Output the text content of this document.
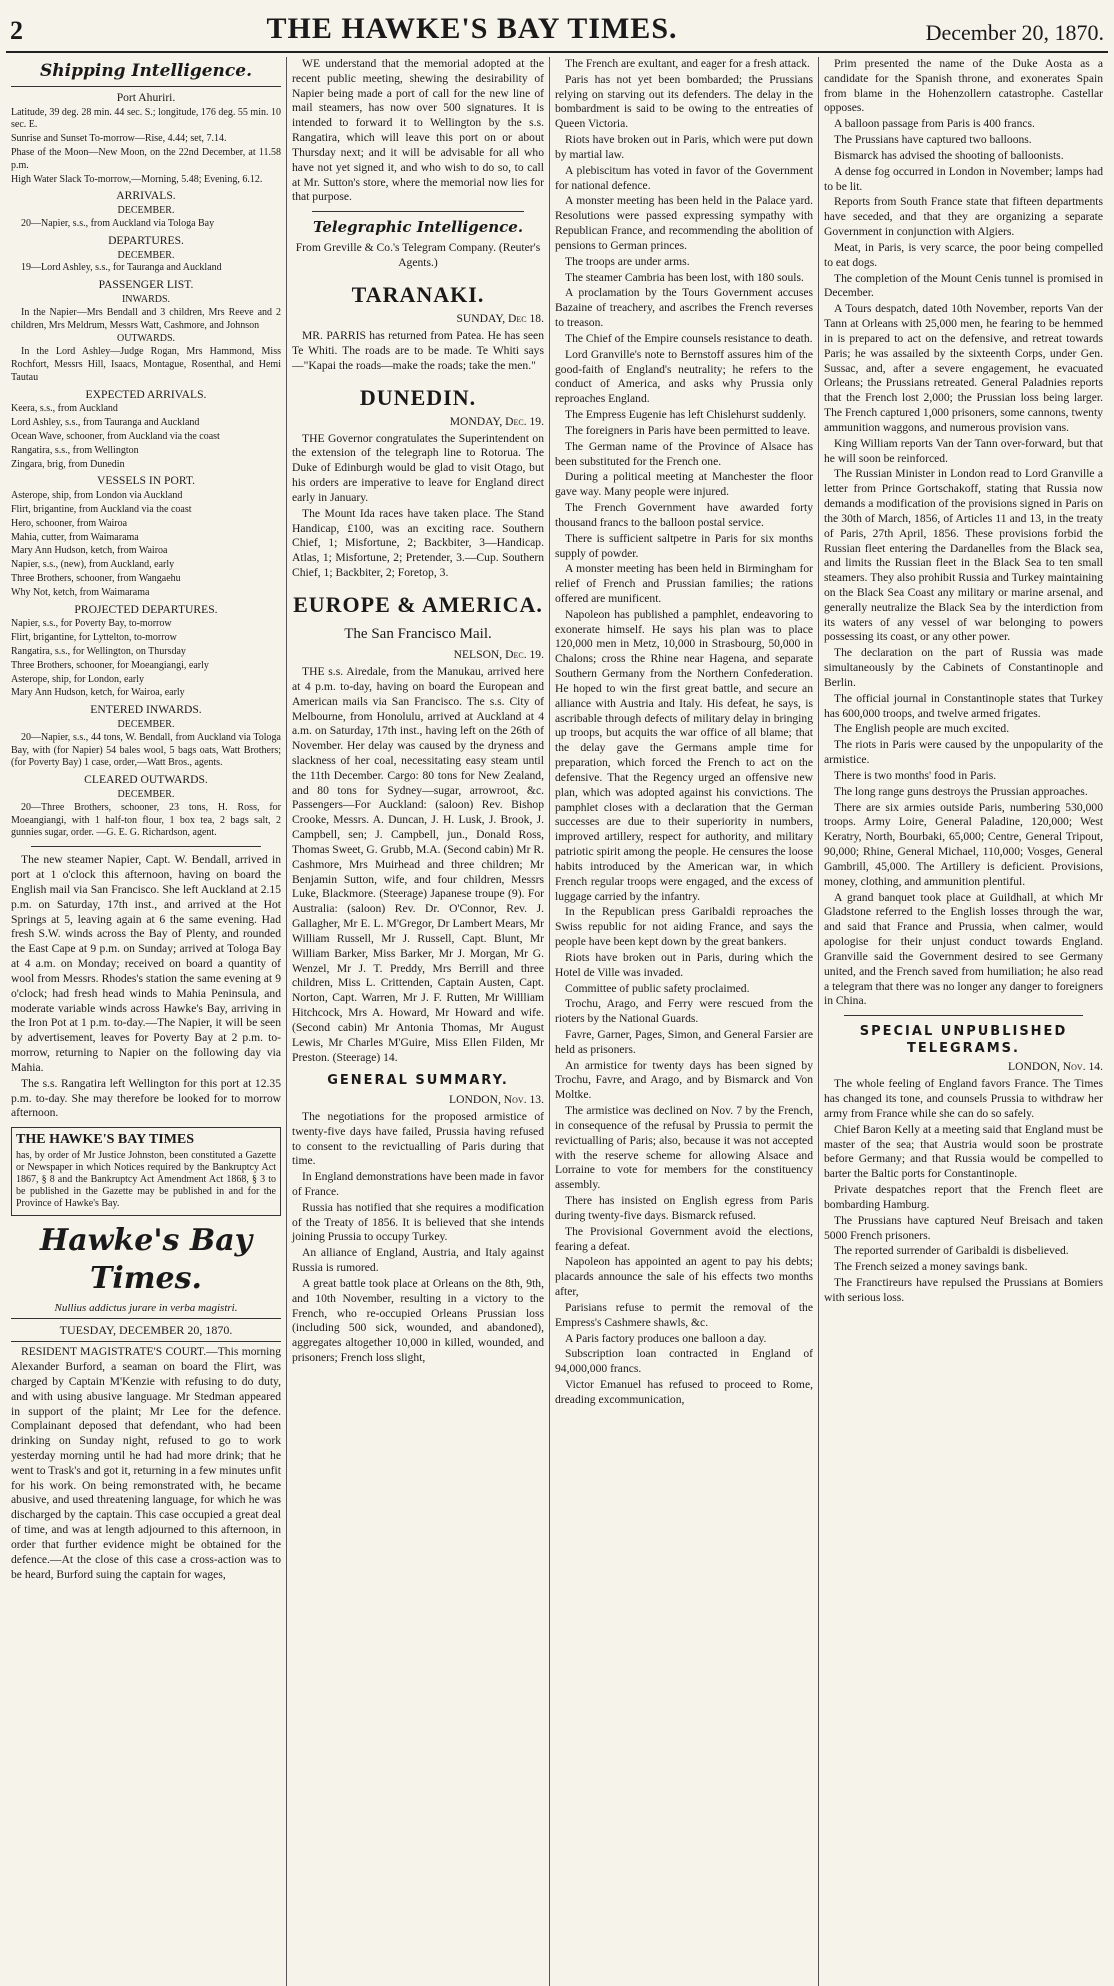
2	THE HAWKE'S BAY TIMES.	December 20, 1870.
Shipping Intelligence.
Port Ahuriri.

Latitude, 39 deg. 28 min. 44 sec. S.; longitude, 176 deg. 55 min. 10 sec. E.

Sunrise and Sunset To-morrow—Rise, 4.44; set, 7.14.

Phase of the Moon—New Moon, on the 22nd December, at 11.58 p.m.

High Water Slack To-morrow,—Morning, 5.48; Evening, 6.12.

ARRIVALS.
DECEMBER.

20—Napier, s.s., from Auckland via Tologa Bay

DEPARTURES.
DECEMBER.

19—Lord Ashley, s.s., for Tauranga and Auckland

PASSENGER LIST.
INWARDS.

In the Napier—Mrs Bendall and 3 children, Mrs Reeve and 2 children, Mrs Meldrum, Messrs Watt, Cashmore, and Johnson

OUTWARDS.

In the Lord Ashley—Judge Rogan, Mrs Hammond, Miss Rochfort, Messrs Hill, Isaacs, Montague, Rosenthal, and Hemi Tautau

EXPECTED ARRIVALS.

Keera, s.s., from Auckland

Lord Ashley, s.s., from Tauranga and Auckland

Ocean Wave, schooner, from Auckland via the coast

Rangatira, s.s., from Wellington

Zingara, brig, from Dunedin

VESSELS IN PORT.

Asterope, ship, from London via Auckland

Flirt, brigantine, from Auckland via the coast

Hero, schooner, from Wairoa

Mahia, cutter, from Waimarama

Mary Ann Hudson, ketch, from Wairoa

Napier, s.s., (new), from Auckland, early

Three Brothers, schooner, from Wangaehu

Why Not, ketch, from Waimarama

PROJECTED DEPARTURES.

Napier, s.s., for Poverty Bay, to-morrow

Flirt, brigantine, for Lyttelton, to-morrow

Rangatira, s.s., for Wellington, on Thursday

Three Brothers, schooner, for Moeangiangi, early

Asterope, ship, for London, early

Mary Ann Hudson, ketch, for Wairoa, early

ENTERED INWARDS.
DECEMBER.

20—Napier, s.s., 44 tons, W. Bendall, from Auckland via Tologa Bay, with (for Napier) 54 bales wool, 5 bags oats, Watt Brothers; (for Poverty Bay) 1 case, order,—Watt Bros., agents.

CLEARED OUTWARDS.
DECEMBER.

20—Three Brothers, schooner, 23 tons, H. Ross, for Moeangiangi, with 1 half-ton flour, 1 box tea, 2 bags salt, 2 gunnies sugar, order. —G. E. G. Richardson, agent.

The new steamer Napier, Capt. W. Bendall, arrived in port at 1 o'clock this afternoon, having on board the English mail via San Francisco. She left Auckland at 2.15 p.m. on Saturday, 17th inst., and arrived at the Hot Springs at 5, leaving again at 6 the same evening. Had fresh S.W. winds across the Bay of Plenty, and rounded the East Cape at 9 p.m. on Sunday; arrived at Tologa Bay at 4 a.m. on Monday; received on board a quantity of wool from Messrs. Rhodes's station the same evening at 9 o'clock; had fresh head winds to Mahia Peninsula, and moderate variable winds across Hawke's Bay, arriving in the Iron Pot at 1 p.m. to-day.—The Napier, it will be seen by advertisement, leaves for Poverty Bay at 2 p.m. to-morrow, returning to Napier on the following day via Mahia.

The s.s. Rangatira left Wellington for this port at 12.35 p.m. to-day. She may therefore be looked for to morrow afternoon.

THE HAWKE'S BAY TIMES

has, by order of Mr Justice Johnston, been constituted a Gazette or Newspaper in which Notices required by the Bankruptcy Act 1867, § 8 and the Bankruptcy Act Amendment Act 1868, § 3 to be published in the Gazette may be published in and for the Province of Hawke's Bay.

Hawke's Bay Times.

Nullius addictus jurare in verba magistri.

TUESDAY, DECEMBER 20, 1870.

RESIDENT MAGISTRATE'S COURT.—This morning Alexander Burford, a seaman on board the Flirt, was charged by Captain M'Kenzie with refusing to do duty, and with using abusive language. Mr Stedman appeared in support of the plaint; Mr Lee for the defence. Complainant deposed that defendant, who had been drinking on Sunday night, refused to go to work yesterday morning until he had had more drink; that he went to Trask's and got it, returning in a few minutes unfit for his work. On being remonstrated with, he became abusive, and used threatening language, for which he was discharged by the captain. This case occupied a great deal of time, and was at length adjourned to this afternoon, in order that further evidence might be obtained for the defence.—At the close of this case a cross-action was to be heard, Burford suing the captain for wages,

WE understand that the memorial adopted at the recent public meeting, shewing the desirability of Napier being made a port of call for the new line of mail steamers, has now over 500 signatures. It is intended to forward it to Wellington by the s.s. Rangatira, which will leave this port on or about Thursday next; and it will be advisable for all who have not yet signed it, and who wish to do so, to call at Mr. Sutton's store, where the memorial now lies for that purpose.

Telegraphic Intelligence.

From Greville & Co.'s Telegram Company. (Reuter's Agents.)

TARANAKI.

SUNDAY, Dec 18.

MR. PARRIS has returned from Patea. He has seen Te Whiti. The roads are to be made. Te Whiti says—"Kapai the roads—make the roads; take the men."

DUNEDIN.

MONDAY, Dec. 19.

THE Governor congratulates the Superintendent on the extension of the telegraph line to Rotorua. The Duke of Edinburgh would be glad to visit Otago, but his orders are imperative to leave for England direct early in January.

The Mount Ida races have taken place. The Stand Handicap, £100, was an exciting race. Southern Chief, 1; Misfortune, 2; Backbiter, 3—Handicap. Atlas, 1; Misfortune, 2; Pretender, 3.—Cup. Southern Chief, 1; Backbiter, 2; Foretop, 3.

EUROPE & AMERICA.
The San Francisco Mail.

NELSON, Dec. 19.

THE s.s. Airedale, from the Manukau, arrived here at 4 p.m. to-day, having on board the European and American mails via San Francisco. The s.s. City of Melbourne, from Honolulu, arrived at Auckland at 4 a.m. on Saturday, 17th inst., having left on the 26th of November. Her delay was caused by the dryness and slackness of her coal, necessitating easy steam until the 11th December. Cargo: 80 tons for New Zealand, and 80 tons for Sydney—sugar, arrowroot, &c. Passengers—For Auckland: (saloon) Rev. Bishop Crooke, Messrs. A. Duncan, J. H. Lusk, J. Brook, J. Campbell, sen; J. Campbell, jun., Donald Ross, Thomas Sweet, G. Grubb, M.A. (Second cabin) Mr R. Cashmore, Mrs Muirhead and three children; Mr Benjamin Sutton, wife, and four children, Messrs Luke, Blackmore. (Steerage) Japanese troupe (9). For Australia: (saloon) Rev. Dr. O'Connor, Rev. J. Gallagher, Mr E. L. M'Gregor, Dr Lambert Mears, Mr William Russell, Mr J. Russell, Capt. Blunt, Mr William Barker, Miss Barker, Mr J. Morgan, Mr G. Wenzel, Mr J. T. Preddy, Mrs Berrill and three children, Miss L. Crittenden, Captain Austen, Capt. Norton, Capt. Warren, Mr J. F. Rutten, Mr Willliam Hitchcock, Mrs A. Howard, Mr Howard and wife. (Second cabin) Mr Antonia Thomas, Mr August Lewis, Mr Charles M'Guire, Miss Ellen Filden, Mr Preston. (Steerage) 14.

GENERAL SUMMARY.

LONDON, Nov. 13.

The negotiations for the proposed armistice of twenty-five days have failed, Prussia having refused to consent to the revictualling of Paris during that time.

In England demonstrations have been made in favor of France.

Russia has notified that she requires a modification of the Treaty of 1856. It is believed that she intends joining Prussia to occupy Turkey.

An alliance of England, Austria, and Italy against Russia is rumored.

A great battle took place at Orleans on the 8th, 9th, and 10th November, resulting in a victory to the French, who re-occupied Orleans Prussian loss (including 500 sick, wounded, and abandoned), aggregates altogether 10,000 in killed, wounded, and prisoners; French loss slight,

The French are exultant, and eager for a fresh attack.

Paris has not yet been bombarded; the Prussians relying on starving out its defenders. The delay in the bombardment is said to be owing to the entreaties of Queen Victoria.

Riots have broken out in Paris, which were put down by martial law.

A plebiscitum has voted in favor of the Government for national defence.

A monster meeting has been held in the Palace yard. Resolutions were passed expressing sympathy with Republican France, and recommending the abolition of pensions to German princes.

The troops are under arms.

The steamer Cambria has been lost, with 180 souls.

A proclamation by the Tours Government accuses Bazaine of treachery, and ascribes the French reverses to treason.

The Chief of the Empire counsels resistance to death.

Lord Granville's note to Bernstoff assures him of the good-faith of England's neutrality; he refers to the conduct of America, and asks why Prussia only reproaches England.

The Empress Eugenie has left Chislehurst suddenly.

The foreigners in Paris have been permitted to leave.

The German name of the Province of Alsace has been substituted for the French one.

During a political meeting at Manchester the floor gave way. Many people were injured.

The French Government have awarded forty thousand francs to the balloon postal service.

There is sufficient saltpetre in Paris for six months supply of powder.

A monster meeting has been held in Birmingham for relief of French and Prussian families; the rations offered are munificent.

Napoleon has published a pamphlet, endeavoring to exonerate himself. He says his plan was to place 120,000 men in Metz, 10,000 in Strasbourg, 50,000 in Chalons; cross the Rhine near Hagena, and separate Southern Germany from the Northern Confederation. He hoped to win the first great battle, and secure an alliance with Austria and Italy. His defeat, he says, is ascribable through defects of military delay in bringing up troops, but acquits the war office of all blame; that the delay gave the Germans ample time for preparation, which forced the French to act on the defensive. That the Regency urged an offensive new plan, which was adopted against his convictions. The pamphlet closes with a declaration that the German successes are due to their superiority in numbers, improved artillery, respect for authority, and military patriotic spirit among the people. He censures the loose habits introduced by the American war, in which French regular troops were engaged, and the excess of luggage carried by the infantry.

In the Republican press Garibaldi reproaches the Swiss republic for not aiding France, and says the people have been kept down by the great bankers.

Riots have broken out in Paris, during which the Hotel de Ville was invaded.

Committee of public safety proclaimed.

Trochu, Arago, and Ferry were rescued from the rioters by the National Guards.

Favre, Garner, Pages, Simon, and General Farsier are held as prisoners.

An armistice for twenty days has been signed by Trochu, Favre, and Arago, and by Bismarck and Von Moltke.

The armistice was declined on Nov. 7 by the French, in consequence of the refusal by Prussia to permit the revictualling of Paris; also, because it was not accepted with the reserve scheme for allowing Alsace and Lorraine to vote for members for the constituency assembly.

There has insisted on English egress from Paris during twenty-five days. Bismarck refused.

The Provisional Government avoid the elections, fearing a defeat.

Napoleon has appointed an agent to pay his debts; placards announce the sale of his effects two months after,

Parisians refuse to permit the removal of the Empress's Cashmere shawls, &c.

A Paris factory produces one balloon a day.

Subscription loan contracted in England of 94,000,000 francs.

Victor Emanuel has refused to proceed to Rome, dreading excommunication,

Prim presented the name of the Duke Aosta as a candidate for the Spanish throne, and exonerates Spain from blame in the Hohenzollern catastrophe. Castellar opposes.

A balloon passage from Paris is 400 francs.

The Prussians have captured two balloons.

Bismarck has advised the shooting of balloonists.

A dense fog occurred in London in November; lamps had to be lit.

Reports from South France state that fifteen departments have seceded, and that they are organizing a separate Government in conjunction with Algiers.

Meat, in Paris, is very scarce, the poor being compelled to eat dogs.

The completion of the Mount Cenis tunnel is promised in December.

A Tours despatch, dated 10th November, reports Van der Tann at Orleans with 25,000 men, he fearing to be hemmed in is prepared to act on the defensive, and retreat towards Paris; he was assailed by the sixteenth Corps, under Gen. Sussac, and, after a severe engagement, he evacuated Orleans; the Prussians retreated. General Paladnies reports that the French lost 2,000; the Prussian loss being larger. The French captured 1,000 prisoners, some cannons, twenty ammunition waggons, and numerous provision vans.

King William reports Van der Tann over-forward, but that he will soon be reinforced.

The Russian Minister in London read to Lord Granville a letter from Prince Gortschakoff, stating that Russia now demands a modification of the provisions signed in Paris on the 30th of March, 1856, of Articles 11 and 13, in the treaty of Paris, 27th April, 1856. These provisions forbid the Russian fleet entering the Dardanelles from the Black sea, and limits the Russian fleet in the Black Sea to ten small steamers. They also prohibit Russia and Turkey maintaining on the Black Sea Coast any military or marine arsenal, and generally neutralize the Black Sea by the interdiction from its waters of any vessel of war belonging to powers possessing its coast, or any other power.

The declaration on the part of Russia was made simultaneously by the Cabinets of Constantinople and Berlin.

The official journal in Constantinople states that Turkey has 600,000 troops, and twelve armed frigates.

The English people are much excited.

The riots in Paris were caused by the unpopularity of the armistice.

There is two months' food in Paris.

The long range guns destroys the Prussian approaches.

There are six armies outside Paris, numbering 530,000 troops. Army Loire, General Paladine, 120,000; West Keratry, North, Bourbaki, 65,000; Centre, General Tripout, 90,000; Rhine, General Michael, 110,000; Vosges, General Gambrill, 45,000. The Artillery is deficient. Provisions, money, clothing, and ammunition plentiful.

A grand banquet took place at Guildhall, at which Mr Gladstone referred to the English losses through the war, and said that France and Prussia, when calmer, would apologise for their unjust conduct towards England. Granville said the Government desired to see Germany united, and the French saved from humiliation; he also read a telegram that there was no longer any danger to foreigners in China.

SPECIAL UNPUBLISHED TELEGRAMS.

LONDON, Nov. 14.

The whole feeling of England favors France. The Times has changed its tone, and counsels Prussia to withdraw her army from France while she can do so safely.

Chief Baron Kelly at a meeting said that England must be master of the sea; that Austria would soon be prostrate before Germany; and that Russia would be compelled to barter the Baltic ports for Constantinople.

Private despatches report that the French fleet are bombarding Hamburg.

The Prussians have captured Neuf Breisach and taken 5000 French prisoners.

The reported surrender of Garibaldi is disbelieved.

The French seized a money savings bank.

The Franctireurs have repulsed the Prussians at Bomiers with serious loss.
